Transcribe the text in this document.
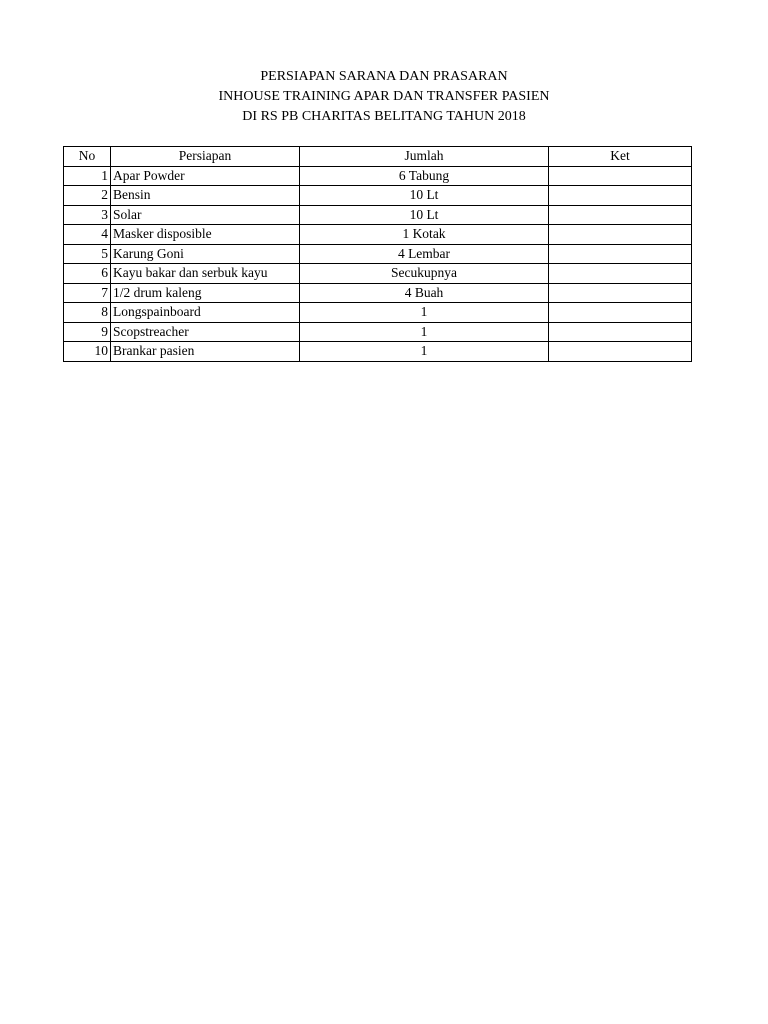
PERSIAPAN SARANA DAN PRASARAN
INHOUSE TRAINING APAR DAN TRANSFER PASIEN
DI RS PB CHARITAS BELITANG TAHUN 2018
No	Persiapan	Jumlah	Ket
1	Apar Powder	6 Tabung	
2	Bensin	10 Lt	
3	Solar	10 Lt	
4	Masker disposible	1 Kotak	
5	Karung Goni	4 Lembar	
6	Kayu bakar dan serbuk kayu	Secukupnya	
7	1/2 drum kaleng	4 Buah	
8	Longspainboard	1	
9	Scopstreacher	1	
10	Brankar pasien	1	
